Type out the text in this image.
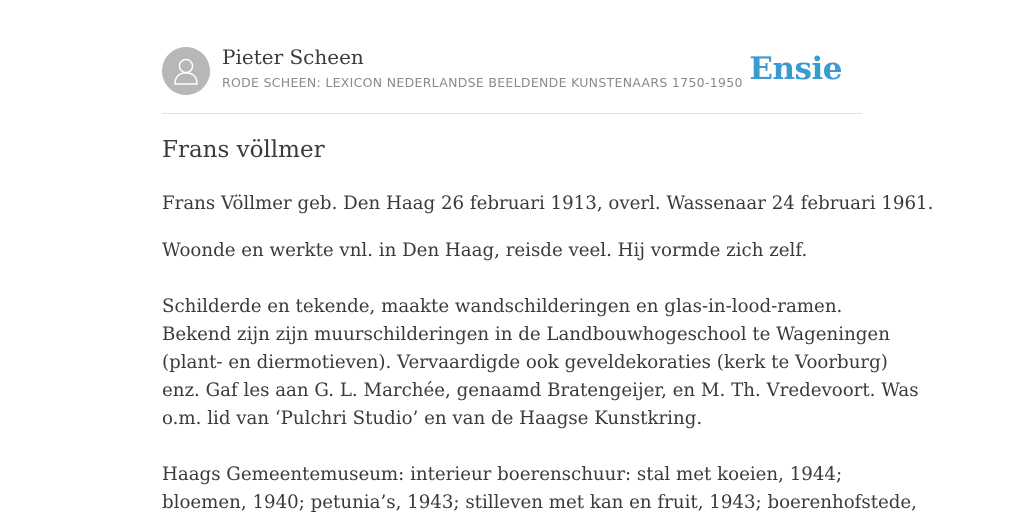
Pieter Scheen
RODE SCHEEN: LEXICON NEDERLANDSE BEELDENDE KUNSTENAARS 1750-1950 Ensie
Frans völlmer

Frans Völlmer geb. Den Haag 26 februari 1913, overl. Wassenaar 24 februari 1961.

Woonde en werkte vnl. in Den Haag, reisde veel. Hij vormde zich zelf.

Schilderde en tekende, maakte wandschilderingen en glas-in-lood-ramen.

Bekend zijn zijn muurschilderingen in de Landbouwhogeschool te Wageningen

(plant- en diermotieven). Vervaardigde ook geveldekoraties (kerk te Voorburg)

enz. Gaf les aan G. L. Marchée, genaamd Bratengeijer, en M. Th. Vredevoort. Was

o.m. lid van ‘Pulchri Studio’ en van de Haagse Kunstkring.

Haags Gemeentemuseum: interieur boerenschuur: stal met koeien, 1944;

bloemen, 1940; petunia’s, 1943; stilleven met kan en fruit, 1943; boerenhofstede,
